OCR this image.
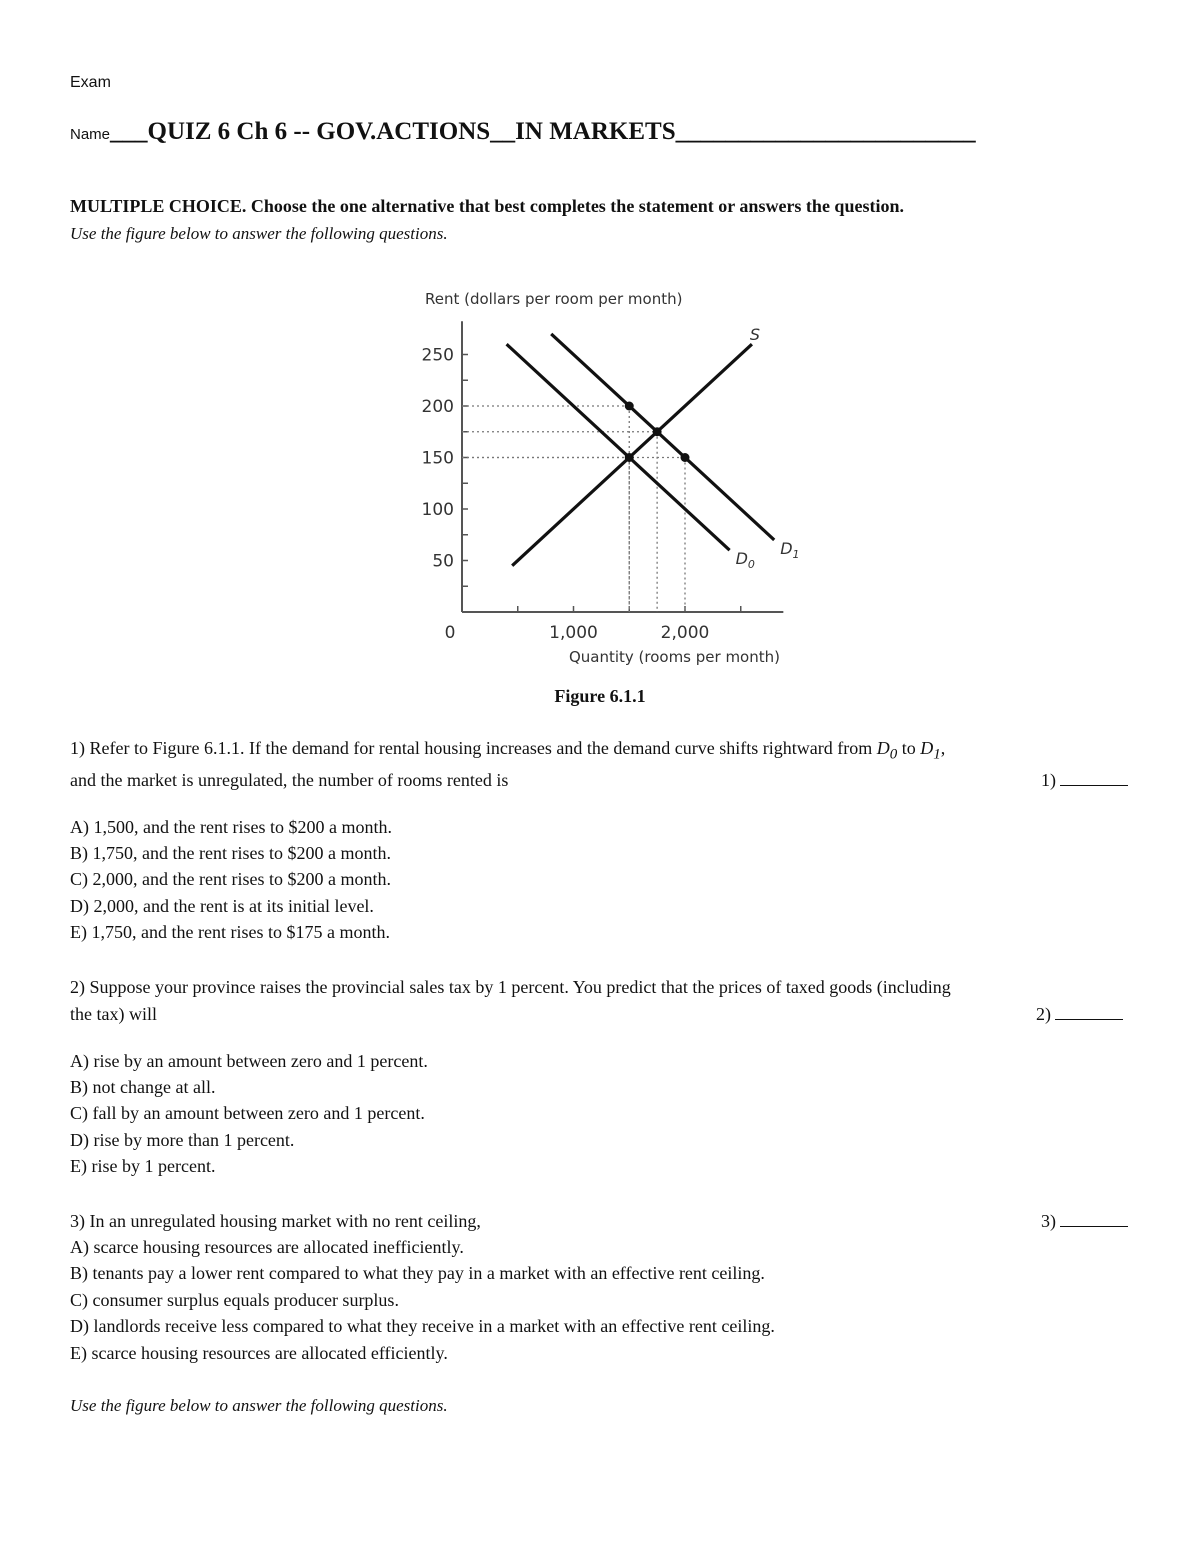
Exam
Name___QUIZ 6 Ch 6 -- GOV.ACTIONS__IN MARKETS________________________
MULTIPLE CHOICE. Choose the one alternative that best completes the statement or answers the question.
Use the figure below to answer the following questions.
Rent (dollars per room per month)
Quantity (rooms per month)
50
100
150
200
250
0	1,000	2,000
S
$D_0$
$D_1$
Figure 6.1.1
1) Refer to Figure 6.1.1. If the demand for rental housing increases and the demand curve shifts rightward from $D_0$ to $D_1$,
and the market is unregulated, the number of rooms rented is	1)
A) 1,500, and the rent rises to $200 a month.
B) 1,750, and the rent rises to $200 a month.
C) 2,000, and the rent rises to $200 a month.
D) 2,000, and the rent is at its initial level.
E) 1,750, and the rent rises to $175 a month.
2) Suppose your province raises the provincial sales tax by 1 percent. You predict that the prices of taxed goods (including
the tax) will	2)
A) rise by an amount between zero and 1 percent.
B) not change at all.
C) fall by an amount between zero and 1 percent.
D) rise by more than 1 percent.
E) rise by 1 percent.
3) In an unregulated housing market with no rent ceiling,	3)
A) scarce housing resources are allocated inefficiently.
B) tenants pay a lower rent compared to what they pay in a market with an effective rent ceiling.
C) consumer surplus equals producer surplus.
D) landlords receive less compared to what they receive in a market with an effective rent ceiling.
E) scarce housing resources are allocated efficiently.
Use the figure below to answer the following questions.
